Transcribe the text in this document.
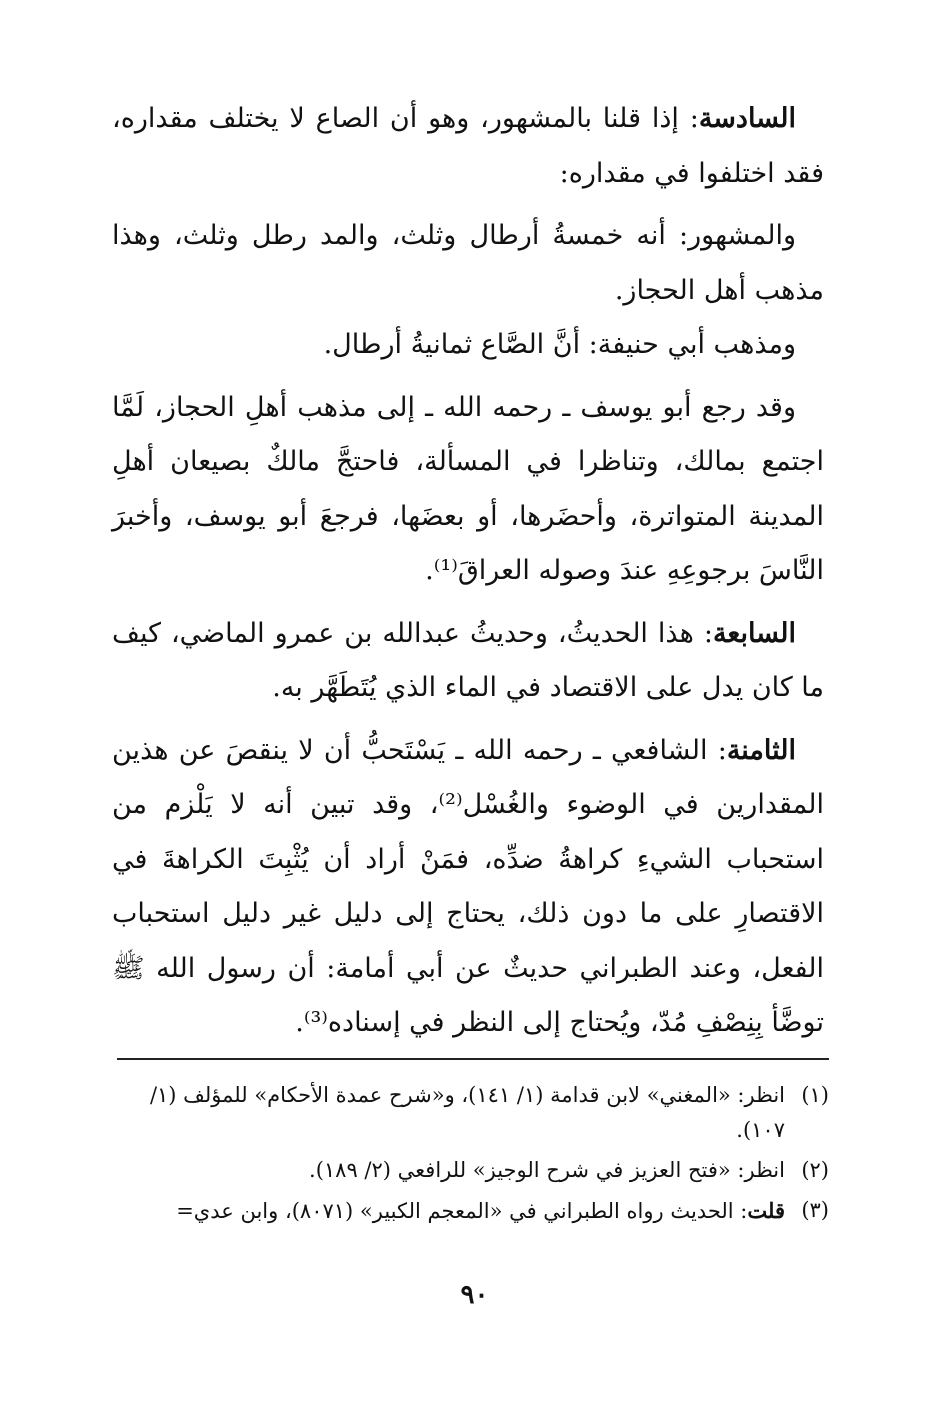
السادسة: إذا قلنا بالمشهور، وهو أن الصاع لا يختلف مقداره، فقد اختلفوا في مقداره:

والمشهور: أنه خمسةُ أرطال وثلث، والمد رطل وثلث، وهذا مذهب أهل الحجاز.

ومذهب أبي حنيفة: أنَّ الصَّاع ثمانيةُ أرطال.

وقد رجع أبو يوسف ـ رحمه الله ـ إلى مذهب أهلِ الحجاز، لَمَّا اجتمع بمالك، وتناظرا في المسألة، فاحتجَّ مالكٌ بصيعان أهلِ المدينة المتواترة، وأحضَرها، أو بعضَها، فرجعَ أبو يوسف، وأخبرَ النَّاسَ برجوعِهِ عندَ وصوله العراقَ⁽¹⁾.

السابعة: هذا الحديثُ، وحديثُ عبدالله بن عمرو الماضي، كيف ما كان يدل على الاقتصاد في الماء الذي يُتَطَهَّر به.

الثامنة: الشافعي ـ رحمه الله ـ يَسْتَحبُّ أن لا ينقصَ عن هذين المقدارين في الوضوء والغُسْل⁽²⁾، وقد تبين أنه لا يَلْزم من استحباب الشيءِ كراهةُ ضدِّه، فمَنْ أراد أن يُثْبِتَ الكراهةَ في الاقتصارِ على ما دون ذلك، يحتاج إلى دليل غير دليل استحباب الفعل، وعند الطبراني حديثٌ عن أبي أمامة: أن رسول الله ﷺ توضَّأ بِنِصْفِ مُدّ، ويُحتاج إلى النظر في إسناده⁽³⁾.

(١)
انظر: «المغني» لابن قدامة (١/ ١٤١)، و«شرح عمدة الأحكام» للمؤلف (١/ ١٠٧).
(٢)
انظر: «فتح العزيز في شرح الوجيز» للرافعي (٢/ ١٨٩).
(٣)
قلت: الحديث رواه الطبراني في «المعجم الكبير» (٨٠٧١)، وابن عدي=
٩٠
